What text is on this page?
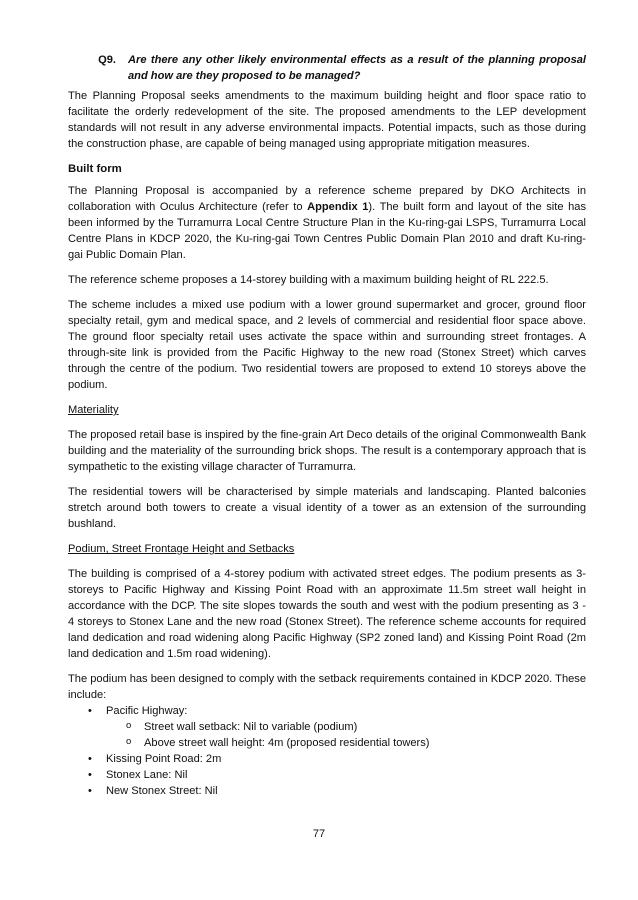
Q9.	Are there any other likely environmental effects as a result of the planning proposal and how are they proposed to be managed?

The Planning Proposal seeks amendments to the maximum building height and floor space ratio to facilitate the orderly redevelopment of the site. The proposed amendments to the LEP development standards will not result in any adverse environmental impacts. Potential impacts, such as those during the construction phase, are capable of being managed using appropriate mitigation measures.

Built form

The Planning Proposal is accompanied by a reference scheme prepared by DKO Architects in collaboration with Oculus Architecture (refer to Appendix 1). The built form and layout of the site has been informed by the Turramurra Local Centre Structure Plan in the Ku-ring-gai LSPS, Turramurra Local Centre Plans in KDCP 2020, the Ku-ring-gai Town Centres Public Domain Plan 2010 and draft Ku-ring-gai Public Domain Plan.

The reference scheme proposes a 14-storey building with a maximum building height of RL 222.5.

The scheme includes a mixed use podium with a lower ground supermarket and grocer, ground floor specialty retail, gym and medical space, and 2 levels of commercial and residential floor space above. The ground floor specialty retail uses activate the space within and surrounding street frontages. A through-site link is provided from the Pacific Highway to the new road (Stonex Street) which carves through the centre of the podium. Two residential towers are proposed to extend 10 storeys above the podium.

Materiality

The proposed retail base is inspired by the fine-grain Art Deco details of the original Commonwealth Bank building and the materiality of the surrounding brick shops. The result is a contemporary approach that is sympathetic to the existing village character of Turramurra.

The residential towers will be characterised by simple materials and landscaping. Planted balconies stretch around both towers to create a visual identity of a tower as an extension of the surrounding bushland.

Podium, Street Frontage Height and Setbacks

The building is comprised of a 4-storey podium with activated street edges. The podium presents as 3-storeys to Pacific Highway and Kissing Point Road with an approximate 11.5m street wall height in accordance with the DCP. The site slopes towards the south and west with the podium presenting as 3 - 4 storeys to Stonex Lane and the new road (Stonex Street). The reference scheme accounts for required land dedication and road widening along Pacific Highway (SP2 zoned land) and Kissing Point Road (2m land dedication and 1.5m road widening).

The podium has been designed to comply with the setback requirements contained in KDCP 2020. These include:

• Pacific Highway:
o Street wall setback: Nil to variable (podium)
o Above street wall height: 4m (proposed residential towers)
• Kissing Point Road: 2m
• Stonex Lane: Nil
• New Stonex Street: Nil
77
